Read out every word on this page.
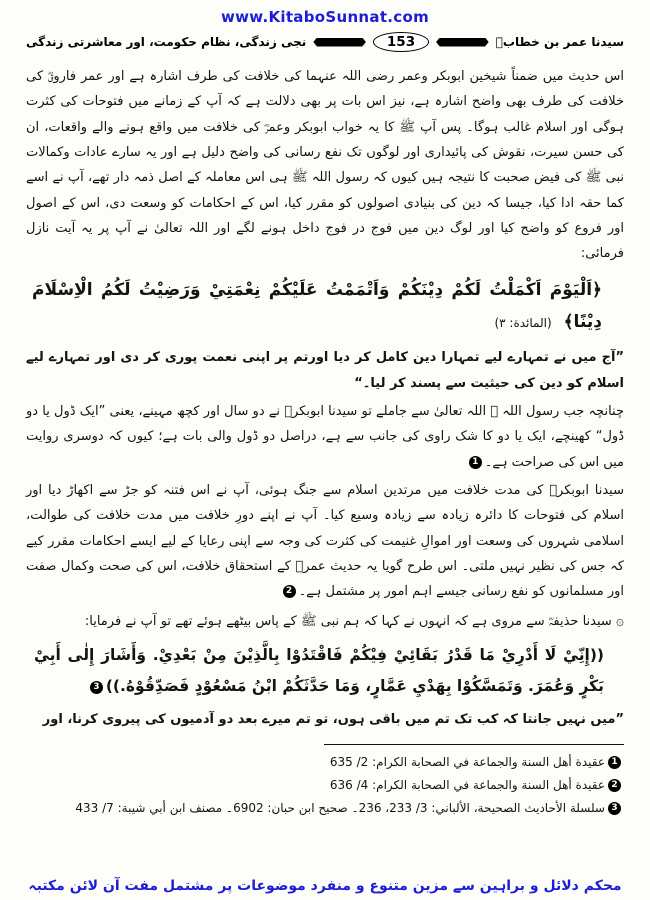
www.KitaboSunnat.com
سیدنا عمر بن خطابؓ
153
نجی زندگی، نظام حکومت، اور معاشرتی زندگی

اس حدیث میں ضمناً شیخین ابوبکر وعمر رضی اللہ عنہما کی خلافت کی طرف اشارہ ہے اور عمر فاروقؓ کی خلافت کی طرف بھی واضح اشارہ ہے، نیز اس بات پر بھی دلالت ہے کہ آپ کے زمانے میں فتوحات کی کثرت ہوگی اور اسلام غالب ہوگا۔ پس آپ ﷺ کا یہ خواب ابوبکر وعمرؓ کی خلافت میں واقع ہونے والے واقعات، ان کی حسن سیرت، نقوش کی پائیداری اور لوگوں تک نفع رسانی کی واضح دلیل ہے اور یہ سارے عادات وکمالات نبی ﷺ کی فیض صحبت کا نتیجہ ہیں کیوں کہ رسول اللہ ﷺ ہی اس معاملہ کے اصل ذمہ دار تھے، آپ نے اسے کما حقہ ادا کیا، جیسا کہ دین کی بنیادی اصولوں کو مقرر کیا، اس کے احکامات کو وسعت دی، اس کے اصول اور فروع کو واضح کیا اور لوگ دین میں فوج در فوج داخل ہونے لگے اور اللہ تعالیٰ نے آپ پر یہ آیت نازل فرمائی:

﴿اَلْيَوْمَ اَكْمَلْتُ لَكُمْ دِيْنَكُمْ وَاَتْمَمْتُ عَلَيْكُمْ نِعْمَتِيْ وَرَضِيْتُ لَكُمُ الْاِسْلَامَ دِيْنًا﴾ (المائدة: ٣)

”آج میں نے تمہارے لیے تمہارا دین کامل کر دیا اورتم پر اپنی نعمت پوری کر دی اور تمہارے لیے اسلام کو دین کی حیثیت سے پسند کر لیا۔“

چنانچہ جب رسول اللہ ﷺ اللہ تعالیٰ سے جاملے تو سیدنا ابوبکرؓ نے دو سال اور کچھ مہینے، یعنی ”ایک ڈول یا دو ڈول“ کھینچے، ایک یا دو کا شک راوی کی جانب سے ہے، دراصل دو ڈول والی بات ہے؛ کیوں کہ دوسری روایت میں اس کی صراحت ہے۔1

سیدنا ابوبکرؓ کی مدت خلافت میں مرتدین اسلام سے جنگ ہوئی، آپ نے اس فتنہ کو جڑ سے اکھاڑ دیا اور اسلام کی فتوحات کا دائرہ زیادہ سے زیادہ وسیع کیا۔ آپ نے اپنے دورِ خلافت میں مدت خلافت کی طوالت، اسلامی شہروں کی وسعت اور اموالِ غنیمت کی کثرت کی وجہ سے اپنی رعایا کے لیے ایسے احکامات مقرر کیے کہ جس کی نظیر نہیں ملتی۔ اس طرح گویا یہ حدیث عمرؓ کے استحقاق خلافت، اس کی صحت وکمال صفت اور مسلمانوں کو نفع رسانی جیسے اہم امور پر مشتمل ہے۔2

۞سیدنا حذیفہؓ سے مروی ہے کہ انہوں نے کہا کہ ہم نبی ﷺ کے پاس بیٹھے ہوئے تھے تو آپ نے فرمایا:

((إِنِّيْ لَا أَدْرِيْ مَا قَدْرُ بَقَائِيْ فِيْكُمْ فَاقْتَدُوْا بِالَّذِيْنَ مِنْ بَعْدِيْ. وَأَشَارَ إِلٰى أَبِيْ بَكْرٍ وَعُمَرَ. وَتَمَسَّكُوْا بِهَدْيِ عَمَّارٍ، وَمَا حَدَّثَكُمْ ابْنُ مَسْعُوْدٍ فَصَدِّقُوْهُ.))3

”میں نہیں جانتا کہ کب تک تم میں باقی ہوں، تو تم میرے بعد دو آدمیوں کی پیروی کرنا، اور

1عقيدة أهل السنة والجماعة في الصحابة الكرام: 2/ 635
2عقيدة أهل السنة والجماعة في الصحابة الكرام: 4/ 636
3سلسلة الأحاديث الصحيحة، الألباني: 3/ 233، 236۔ صحيح ابن حبان: 6902۔ مصنف ابن أبي شيبة: 7/ 433
محکم دلائل و براہین سے مزین متنوع و منفرد موضوعات پر مشتمل مفت آن لائن مکتبہ
